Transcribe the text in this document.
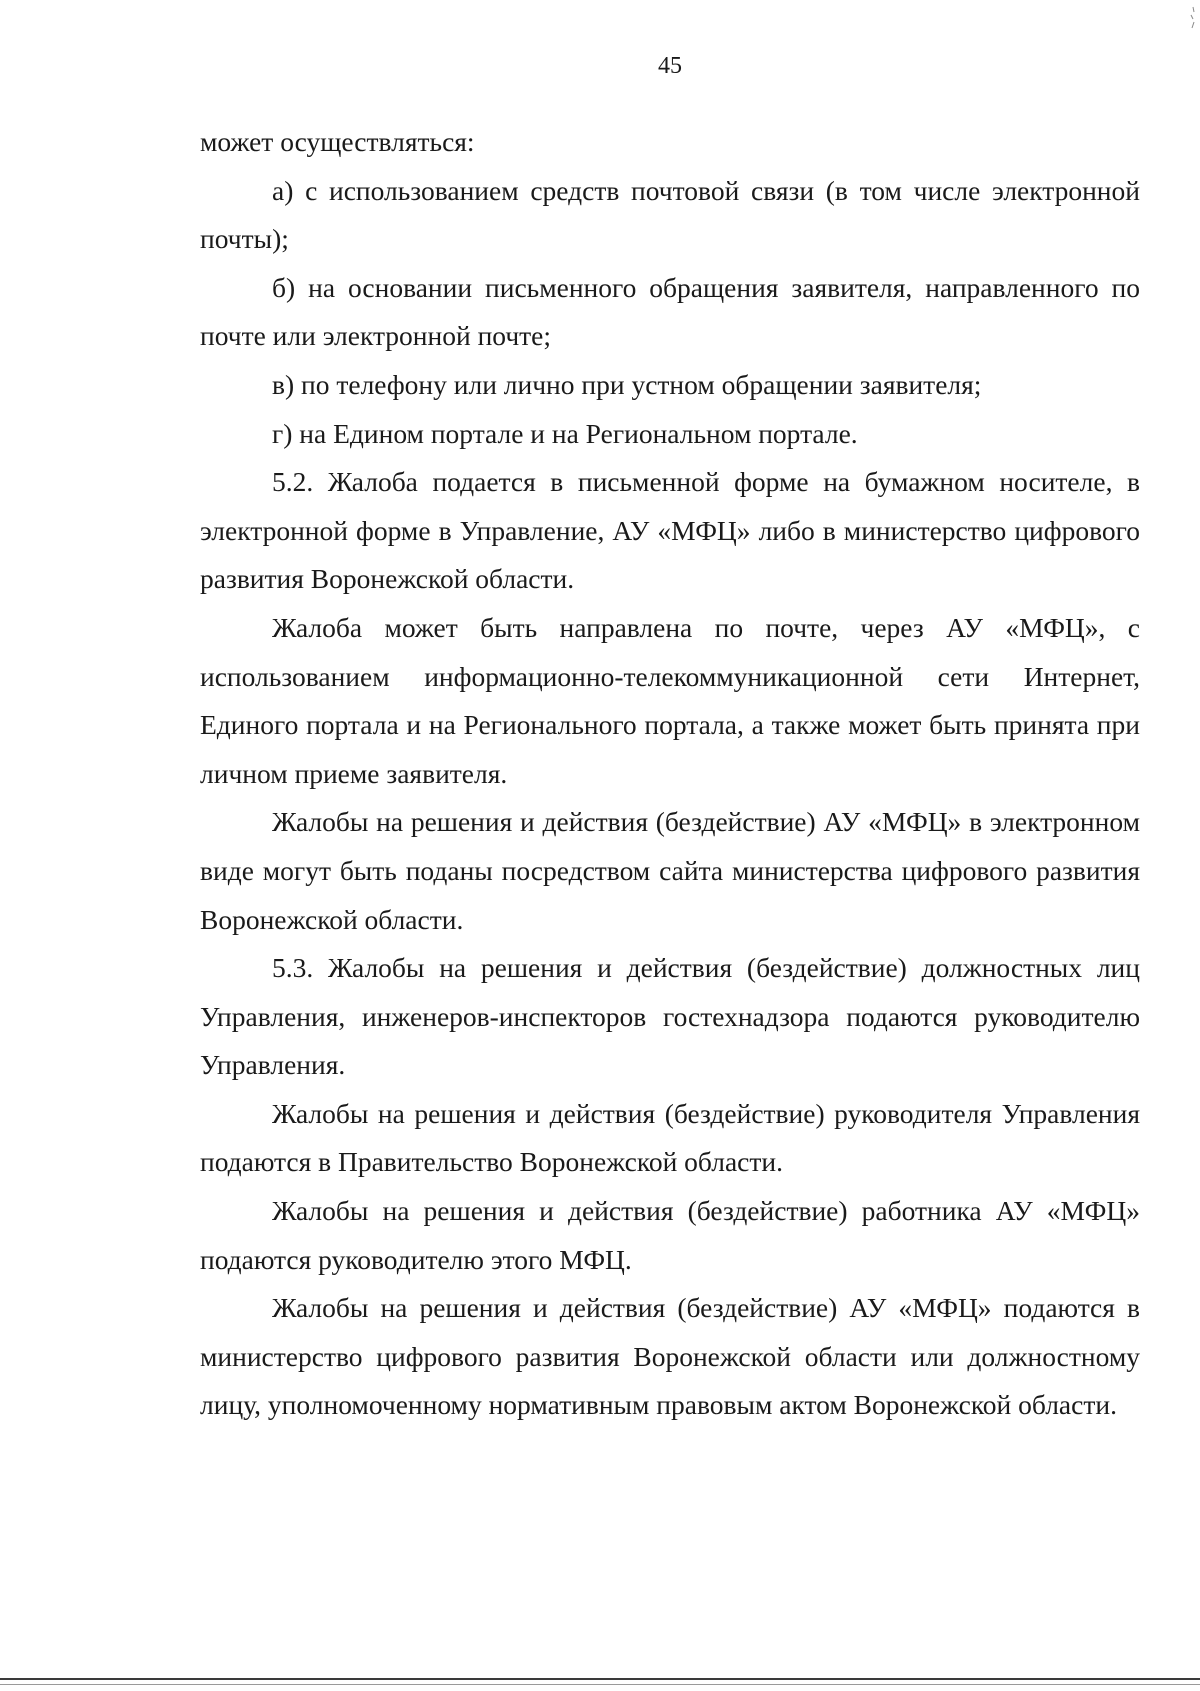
45

может осуществляться:

а) с использованием средств почтовой связи (в том числе электронной почты);

б) на основании письменного обращения заявителя, направленного по почте или электронной почте;

в) по телефону или лично при устном обращении заявителя;

г) на Едином портале и на Региональном портале.

5.2. Жалоба подается в письменной форме на бумажном носителе, в электронной форме в Управление, АУ «МФЦ» либо в министерство цифрового развития Воронежской области.

Жалоба может быть направлена по почте, через АУ «МФЦ», с использованием информационно-телекоммуникационной сети Интернет, Единого портала и на Регионального портала, а также может быть принята при личном приеме заявителя.

Жалобы на решения и действия (бездействие) АУ «МФЦ» в электронном виде могут быть поданы посредством сайта министерства цифрового развития Воронежской области.

5.3. Жалобы на решения и действия (бездействие) должностных лиц Управления, инженеров-инспекторов гостехнадзора подаются руководителю Управления.

Жалобы на решения и действия (бездействие) руководителя Управления подаются в Правительство Воронежской области.

Жалобы на решения и действия (бездействие) работника АУ «МФЦ» подаются руководителю этого МФЦ.

Жалобы на решения и действия (бездействие) АУ «МФЦ» подаются в министерство цифрового развития Воронежской области или должностному лицу, уполномоченному нормативным правовым актом Воронежской области.
